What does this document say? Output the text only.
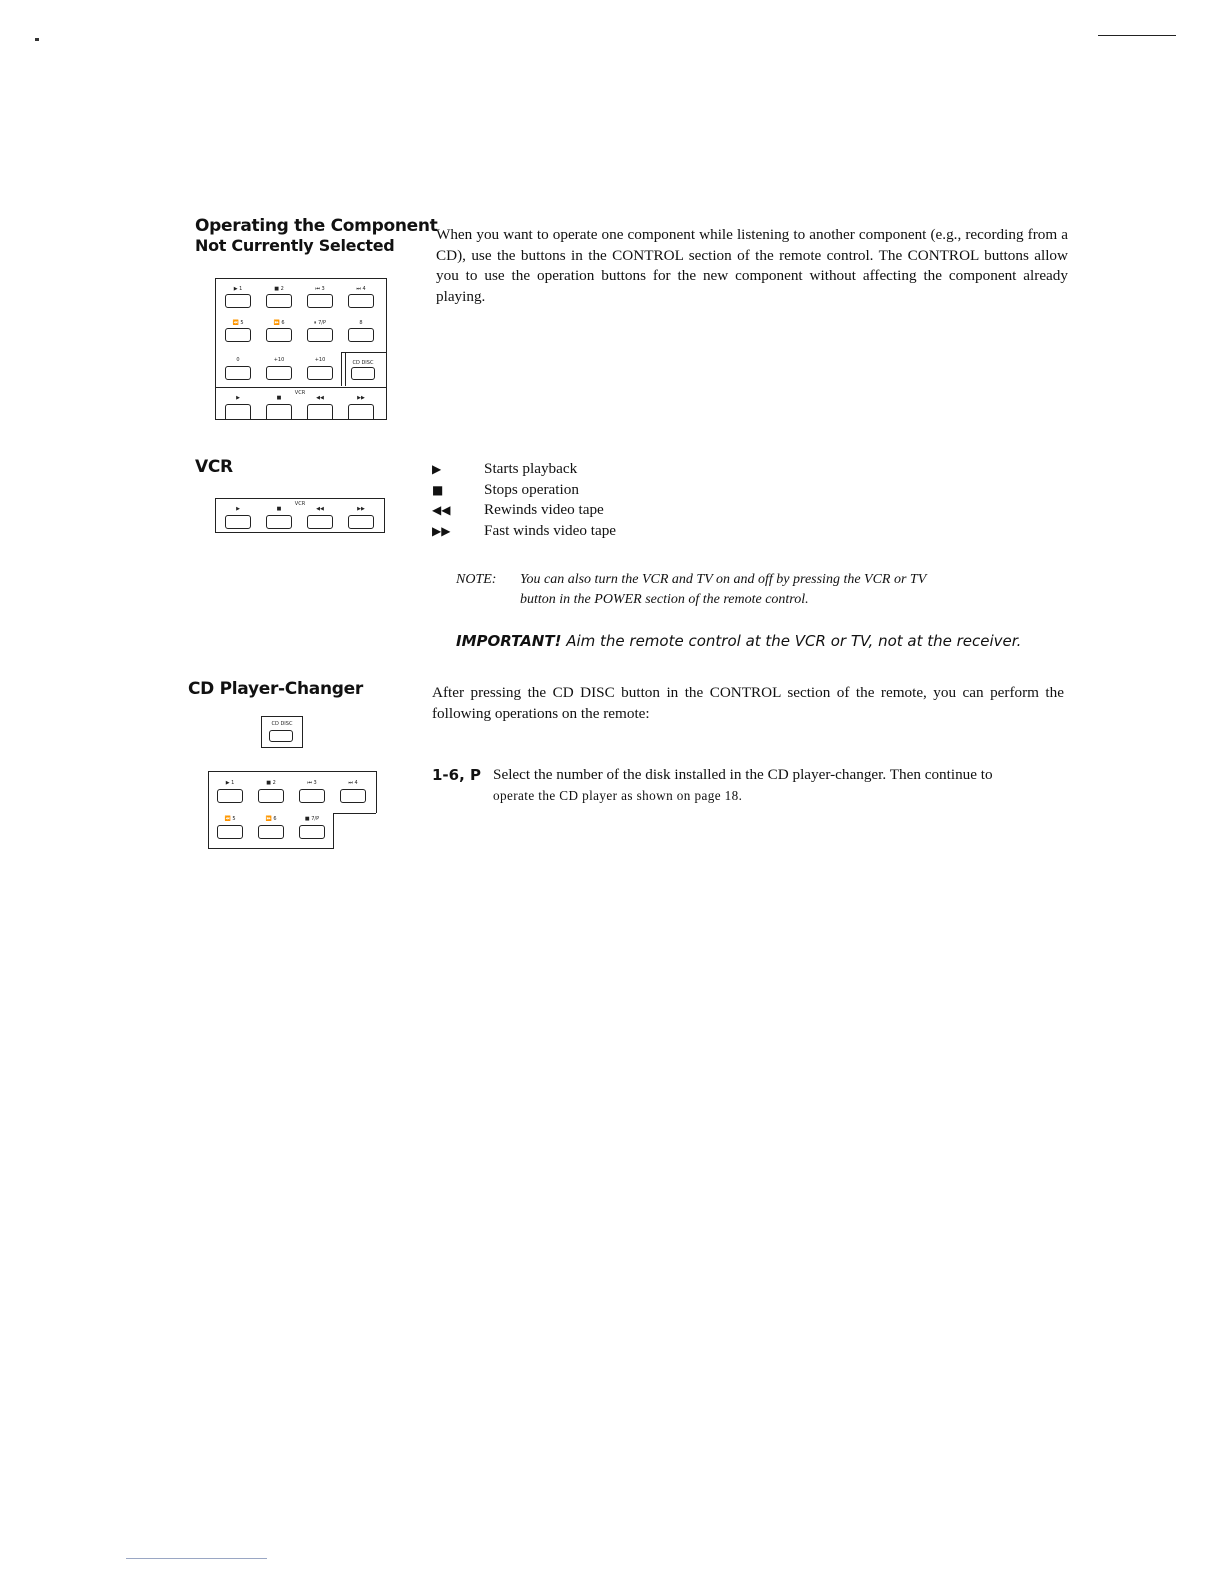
Operating the Component
Not Currently Selected
When you want to operate one component while listening to another component (e.g., recording from a CD), use the buttons in the CONTROL section of the remote control. The CONTROL buttons allow you to use the operation buttons for the new component without affecting the component already playing.
▶ 1	■ 2	⏮ 3	⏭ 4
⏪ 5	⏩ 6	⏸ 7/P	8
0	+10	+10	CD DISC
VCR
▶	■	◀◀	▶▶
VCR
VCR
▶	■	◀◀	▶▶
▶	Starts playback
■	Stops operation
◀◀	Rewinds video tape
▶▶	Fast winds video tape
NOTE: You can also turn the VCR and TV on and off by pressing the VCR or TV
button in the POWER section of the remote control.
IMPORTANT! Aim the remote control at the VCR or TV, not at the receiver.
CD Player-Changer
CD DISC
After pressing the CD DISC button in the CONTROL section of the remote, you can perform the following operations on the remote:
▶ 1	■ 2	⏮ 3	⏭ 4
⏪ 5	⏩ 6	■ 7/P
1-6, P Select the number of the disk installed in the CD player-changer. Then continue to
operate the CD player as shown on page 18.
